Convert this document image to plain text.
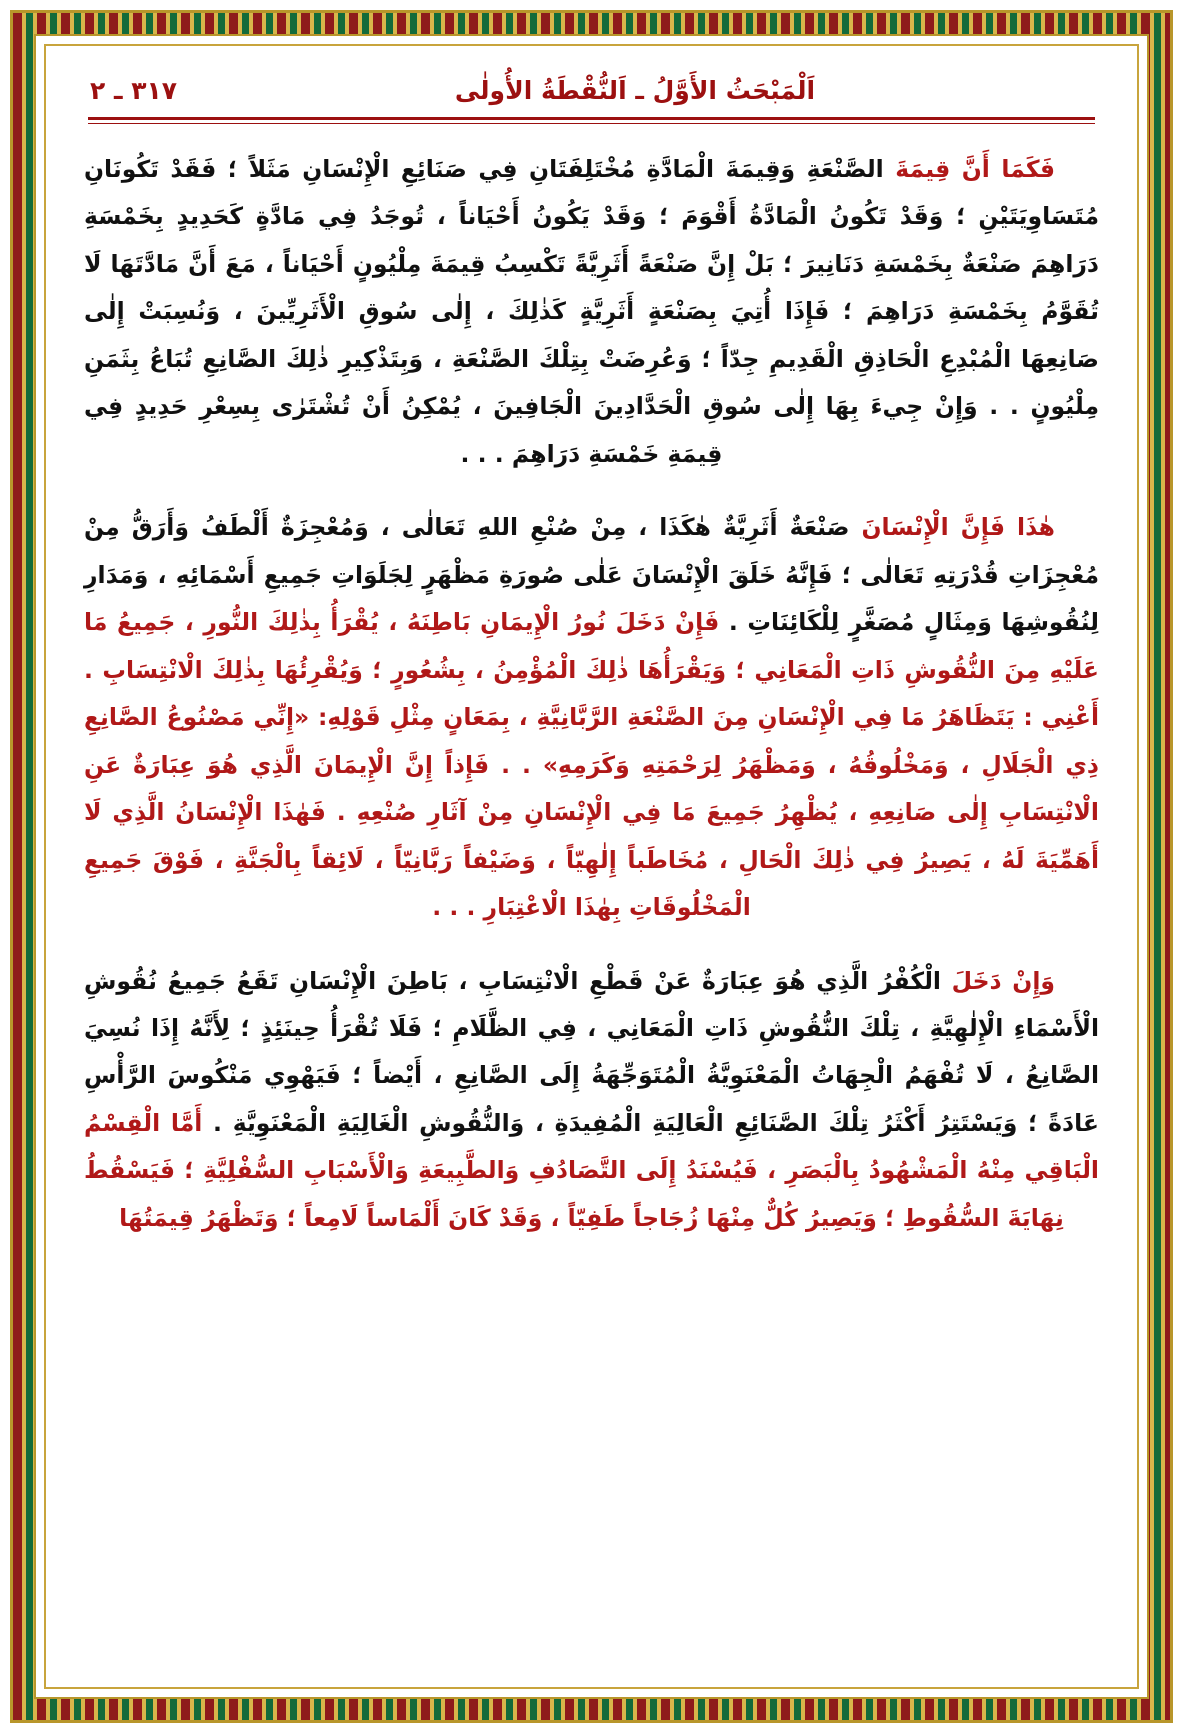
اَلْمَبْحَثُ الأَوَّلُ ـ اَلنُّقْطَةُ الأُولٰى
٣١٧ ـ ٢

فَكَمَا أَنَّ قِيمَةَ الصَّنْعَةِ وَقِيمَةَ الْمَادَّةِ مُخْتَلِفَتَانِ فِي صَنَائِعِ الْإِنْسَانِ مَثَلاً ؛ فَقَدْ تَكُونَانِ مُتَسَاوِيَتَيْنِ ؛ وَقَدْ تَكُونُ الْمَادَّةُ أَقْوَمَ ؛ وَقَدْ يَكُونُ أَحْيَاناً ، تُوجَدُ فِي مَادَّةٍ كَحَدِيدٍ بِخَمْسَةِ دَرَاهِمَ صَنْعَةٌ بِخَمْسَةِ دَنَانِيرَ ؛ بَلْ إِنَّ صَنْعَةً أَثَرِيَّةً تَكْسِبُ قِيمَةَ مِلْيُونٍ أَحْيَاناً ، مَعَ أَنَّ مَادَّتَهَا لَا تُقَوَّمُ بِخَمْسَةِ دَرَاهِمَ ؛ فَإِذَا أُتِيَ بِصَنْعَةٍ أَثَرِيَّةٍ كَذٰلِكَ ، إِلٰى سُوقِ الْأَثَرِيِّينَ ، وَنُسِبَتْ إِلٰى صَانِعِهَا الْمُبْدِعِ الْحَاذِقِ الْقَدِيمِ جِدّاً ؛ وَعُرِضَتْ بِتِلْكَ الصَّنْعَةِ ، وَبِتَذْكِيرِ ذٰلِكَ الصَّانِعِ تُبَاعُ بِثَمَنِ مِلْيُونٍ . . وَإِنْ جِيءَ بِهَا إِلٰى سُوقِ الْحَدَّادِينَ الْجَافِينَ ، يُمْكِنُ أَنْ تُشْتَرٰى بِسِعْرِ حَدِيدٍ فِي قِيمَةِ خَمْسَةِ دَرَاهِمَ . . .

هٰذَا فَإِنَّ الْإِنْسَانَ صَنْعَةٌ أَثَرِيَّةٌ هٰكَذَا ، مِنْ صُنْعِ اللهِ تَعَالٰى ، وَمُعْجِزَةٌ أَلْطَفُ وَأَرَقُّ مِنْ مُعْجِزَاتِ قُدْرَتِهِ تَعَالٰى ؛ فَإِنَّهُ خَلَقَ الْإِنْسَانَ عَلٰى صُورَةِ مَظْهَرٍ لِجَلَوَاتِ جَمِيعِ أَسْمَائِهِ ، وَمَدَارِ لِنُقُوشِهَا وَمِثَالٍ مُصَغَّرٍ لِلْكَائِنَاتِ . فَإِنْ دَخَلَ نُورُ الْإِيمَانِ بَاطِنَهُ ، يُقْرَأُ بِذٰلِكَ النُّورِ ، جَمِيعُ مَا عَلَيْهِ مِنَ النُّقُوشِ ذَاتِ الْمَعَانِي ؛ وَيَقْرَأُهَا ذٰلِكَ الْمُؤْمِنُ ، بِشُعُورٍ ؛ وَيُقْرِئُهَا بِذٰلِكَ الْانْتِسَابِ . أَعْنِي : يَتَظَاهَرُ مَا فِي الْإِنْسَانِ مِنَ الصَّنْعَةِ الرَّبَّانِيَّةِ ، بِمَعَانٍ مِثْلِ قَوْلِهِ: «إِنِّي مَصْنُوعُ الصَّانِعِ ذِي الْجَلَالِ ، وَمَخْلُوقُهُ ، وَمَظْهَرُ لِرَحْمَتِهِ وَكَرَمِهِ» . . فَإِذاً إِنَّ الْإِيمَانَ الَّذِي هُوَ عِبَارَةٌ عَنِ الْانْتِسَابِ إِلٰى صَانِعِهِ ، يُظْهِرُ جَمِيعَ مَا فِي الْإِنْسَانِ مِنْ آثَارِ صُنْعِهِ . فَهٰذَا الْإِنْسَانُ الَّذِي لَا أَهَمِّيَةَ لَهُ ، يَصِيرُ فِي ذٰلِكَ الْحَالِ ، مُخَاطَباً إِلٰهِيّاً ، وَضَيْفاً رَبَّانِيّاً ، لَائِقاً بِالْجَنَّةِ ، فَوْقَ جَمِيعِ الْمَخْلُوقَاتِ بِهٰذَا الْاعْتِبَارِ . . .

وَإِنْ دَخَلَ الْكُفْرُ الَّذِي هُوَ عِبَارَةٌ عَنْ قَطْعِ الْانْتِسَابِ ، بَاطِنَ الْإِنْسَانِ تَقَعُ جَمِيعُ نُقُوشِ الْأَسْمَاءِ الْإِلٰهِيَّةِ ، تِلْكَ النُّقُوشِ ذَاتِ الْمَعَانِي ، فِي الظَّلَامِ ؛ فَلَا تُقْرَأُ حِينَئِذٍ ؛ لِأَنَّهُ إِذَا نُسِيَ الصَّانِعُ ، لَا تُفْهَمُ الْجِهَاتُ الْمَعْنَوِيَّةُ الْمُتَوَجِّهَةُ إِلَى الصَّانِعِ ، أَيْضاً ؛ فَيَهْوِي مَنْكُوسَ الرَّأْسِ عَادَةً ؛ وَيَسْتَتِرُ أَكْثَرُ تِلْكَ الصَّنَائِعِ الْعَالِيَةِ الْمُفِيدَةِ ، وَالنُّقُوشِ الْغَالِيَةِ الْمَعْنَوِيَّةِ . أَمَّا الْقِسْمُ الْبَاقِي مِنْهُ الْمَشْهُودُ بِالْبَصَرِ ، فَيُسْنَدُ إِلَى التَّصَادُفِ وَالطَّبِيعَةِ وَالْأَسْبَابِ السُّفْلِيَّةِ ؛ فَيَسْقُطُ نِهَايَةَ السُّقُوطِ ؛ وَيَصِيرُ كُلٌّ مِنْهَا زُجَاجاً طَفِيّاً ، وَقَدْ كَانَ أَلْمَاساً لَامِعاً ؛ وَتَظْهَرُ قِيمَتُهَا
